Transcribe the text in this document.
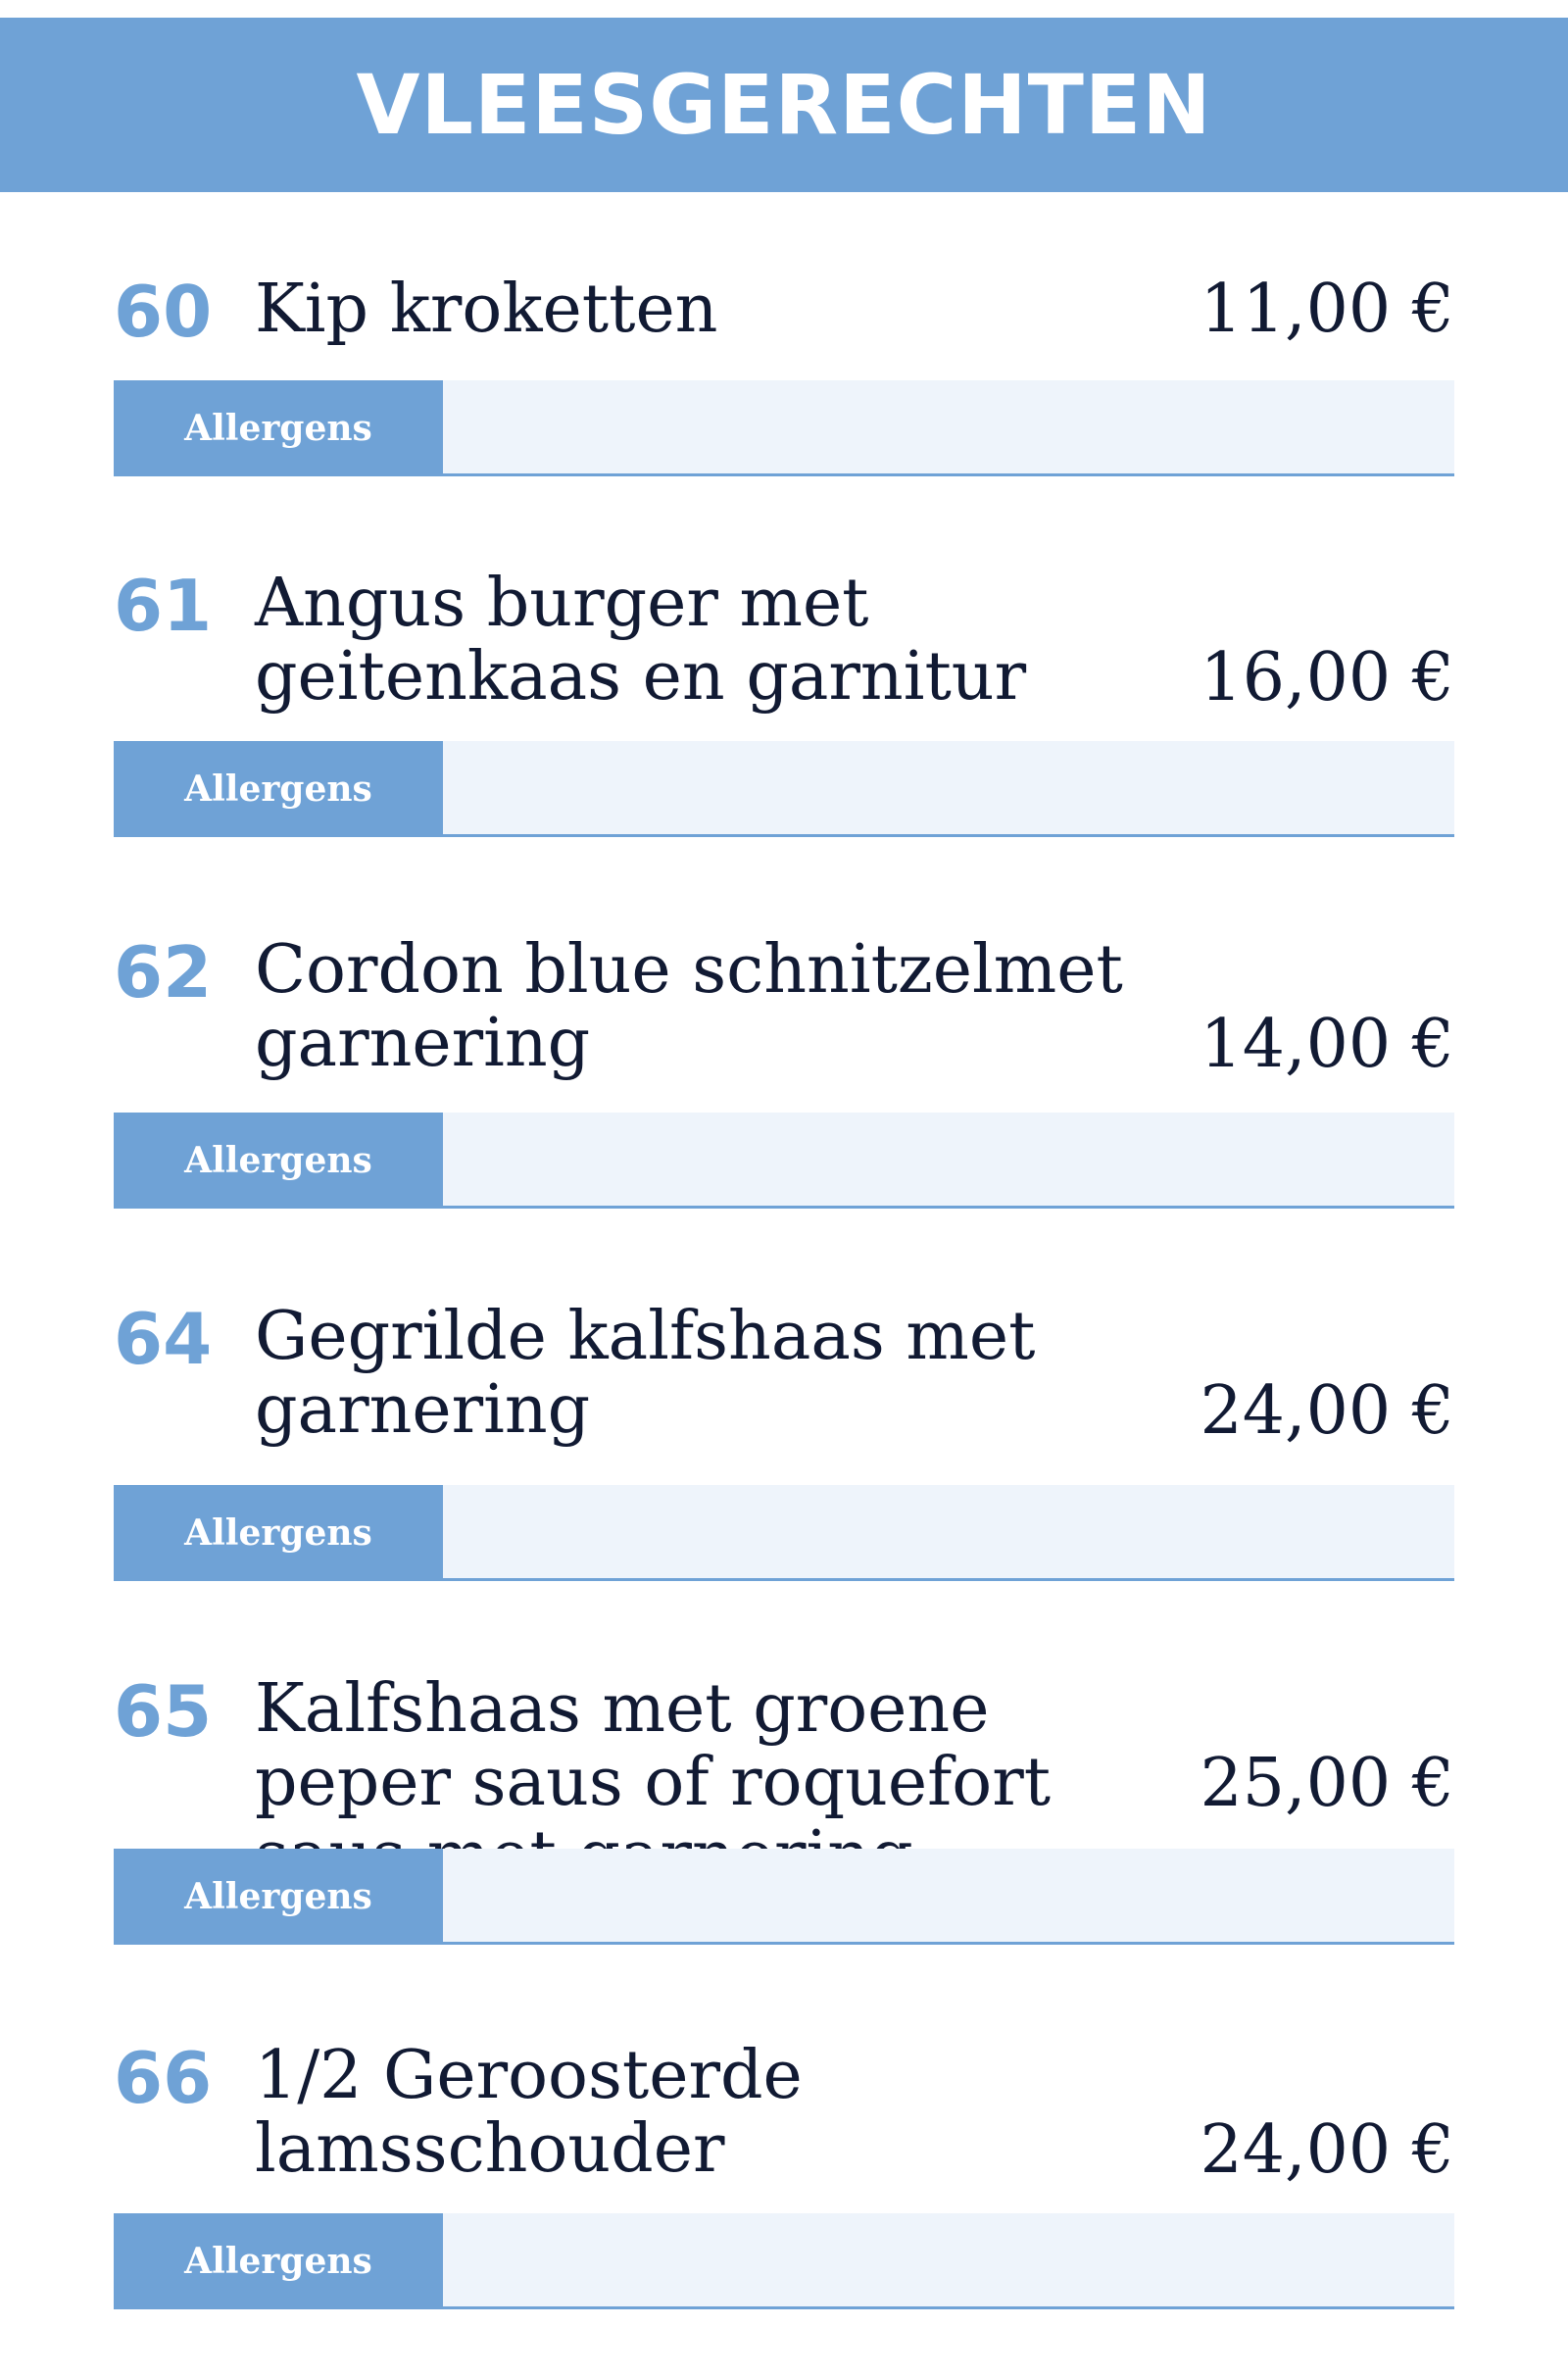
VLEESGERECHTEN
60 Kip kroketten	11,00 €
Allergens
61 Angus burger met geitenkaas en garnitur	16,00 €
Allergens
62 Cordon blue schnitzelmet garnering	14,00 €
Allergens
64 Gegrilde kalfshaas met garnering	24,00 €
Allergens
65 Kalfshaas met groene peper saus of roquefort	25,00 €
Allergens
66 1/2 Geroosterde lamsschouder	24,00 €
Allergens
